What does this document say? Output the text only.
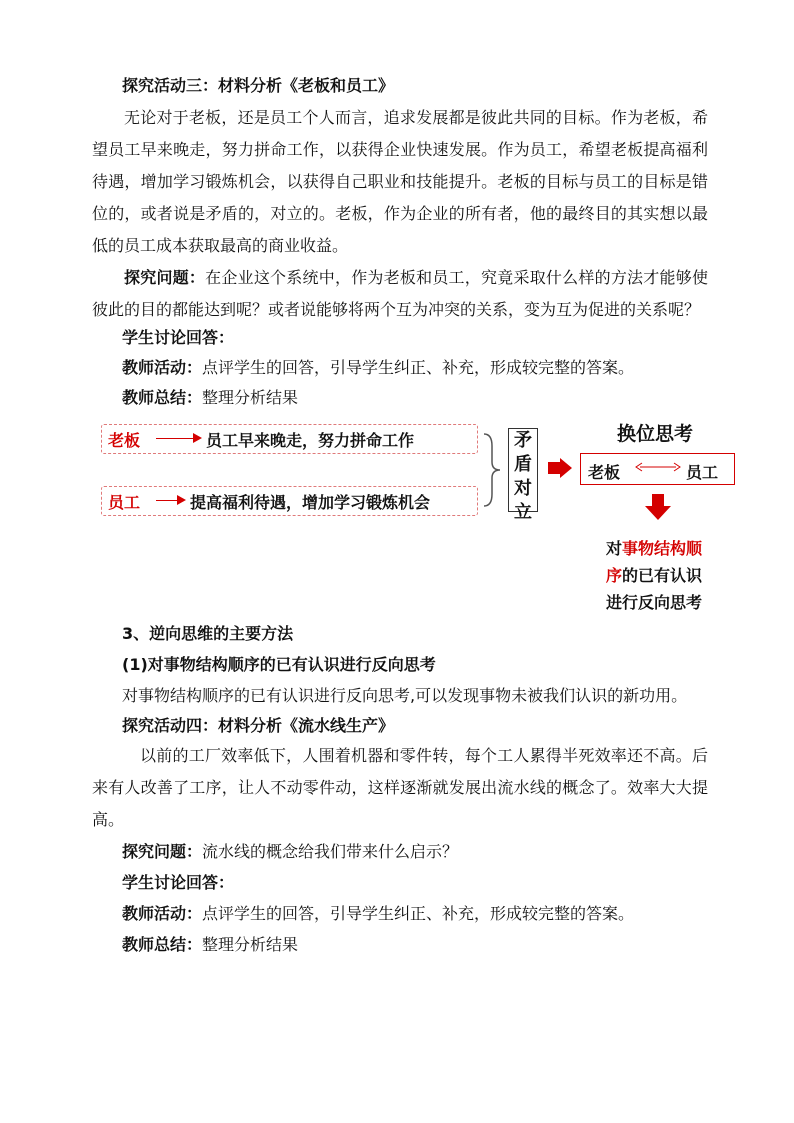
探究活动三：材料分析《老板和员工》
无论对于老板，还是员工个人而言，追求发展都是彼此共同的目标。作为老板，希望员工早来晚走，努力拼命工作，以获得企业快速发展。作为员工，希望老板提高福利待遇，增加学习锻炼机会，以获得自己职业和技能提升。老板的目标与员工的目标是错位的，或者说是矛盾的，对立的。老板，作为企业的所有者，他的最终目的其实想以最低的员工成本获取最高的商业收益。
探究问题：在企业这个系统中，作为老板和员工，究竟采取什么样的方法才能够使彼此的目的都能达到呢？或者说能够将两个互为冲突的关系，变为互为促进的关系呢？
学生讨论回答：
教师活动：点评学生的回答，引导学生纠正、补充，形成较完整的答案。
教师总结：整理分析结果
老板	员工早来晚走，努力拼命工作
员工	提高福利待遇，增加学习锻炼机会
矛
盾
对
立
换位思考
老板	员工
对事物结构顺
序的已有认识
进行反向思考
3、逆向思维的主要方法
(1)对事物结构顺序的已有认识进行反向思考
对事物结构顺序的已有认识进行反向思考,可以发现事物未被我们认识的新功用。
探究活动四：材料分析《流水线生产》
以前的工厂效率低下，人围着机器和零件转，每个工人累得半死效率还不高。后来有人改善了工序，让人不动零件动，这样逐渐就发展出流水线的概念了。效率大大提高。
探究问题：流水线的概念给我们带来什么启示？
学生讨论回答：
教师活动：点评学生的回答，引导学生纠正、补充，形成较完整的答案。
教师总结：整理分析结果
